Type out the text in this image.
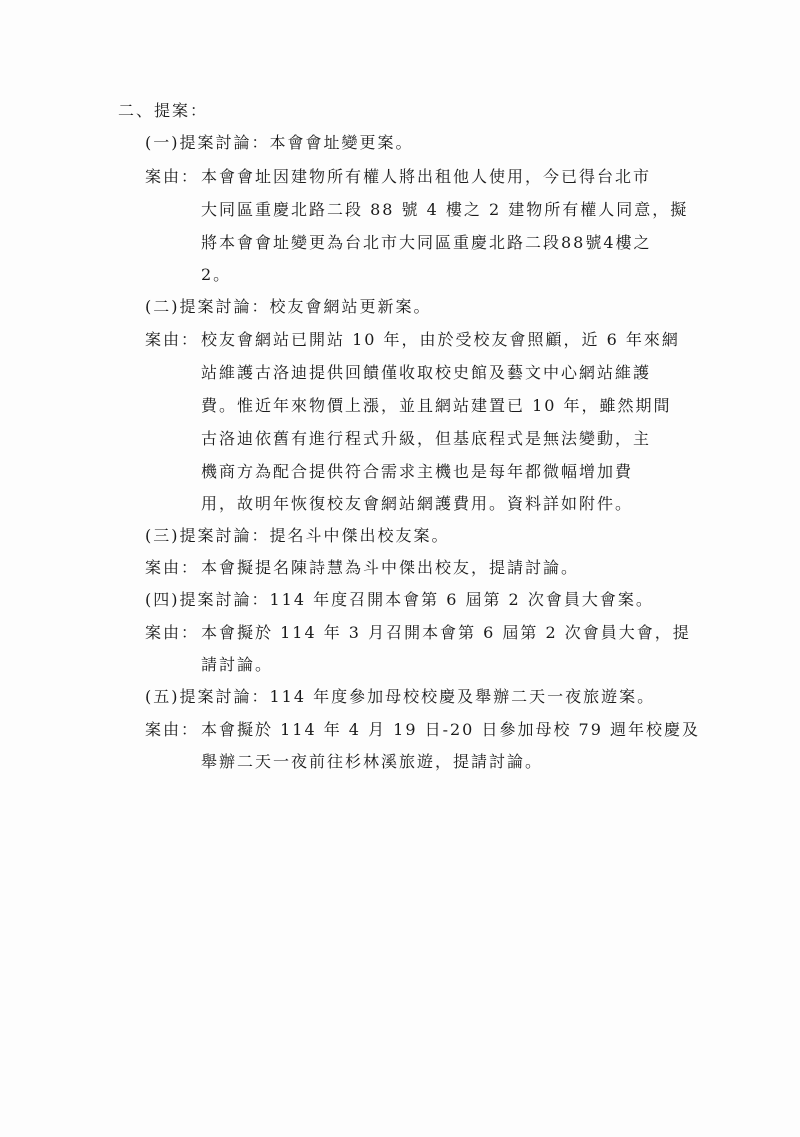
二、提案：
(一)提案討論：本會會址變更案。
案由： 本會會址因建物所有權人將出租他人使用，今已得台北市
大同區重慶北路二段 88 號 4 樓之 2 建物所有權人同意，擬
將本會會址變更為台北市大同區重慶北路二段88號4樓之
2。
(二)提案討論：校友會網站更新案。
案由： 校友會網站已開站 10 年，由於受校友會照顧，近 6 年來網
站維護古洛迪提供回饋僅收取校史館及藝文中心網站維護
費。惟近年來物價上漲，並且網站建置已 10 年，雖然期間
古洛迪依舊有進行程式升級，但基底程式是無法變動，主
機商方為配合提供符合需求主機也是每年都微幅增加費
用，故明年恢復校友會網站網護費用。資料詳如附件。
(三)提案討論：提名斗中傑出校友案。
案由： 本會擬提名陳詩慧為斗中傑出校友，提請討論。
(四)提案討論：114 年度召開本會第 6 屆第 2 次會員大會案。
案由： 本會擬於 114 年 3 月召開本會第 6 屆第 2 次會員大會，提
請討論。
(五)提案討論：114 年度參加母校校慶及舉辦二天一夜旅遊案。
案由： 本會擬於 114 年 4 月 19 日-20 日參加母校 79 週年校慶及
舉辦二天一夜前往杉林溪旅遊，提請討論。
